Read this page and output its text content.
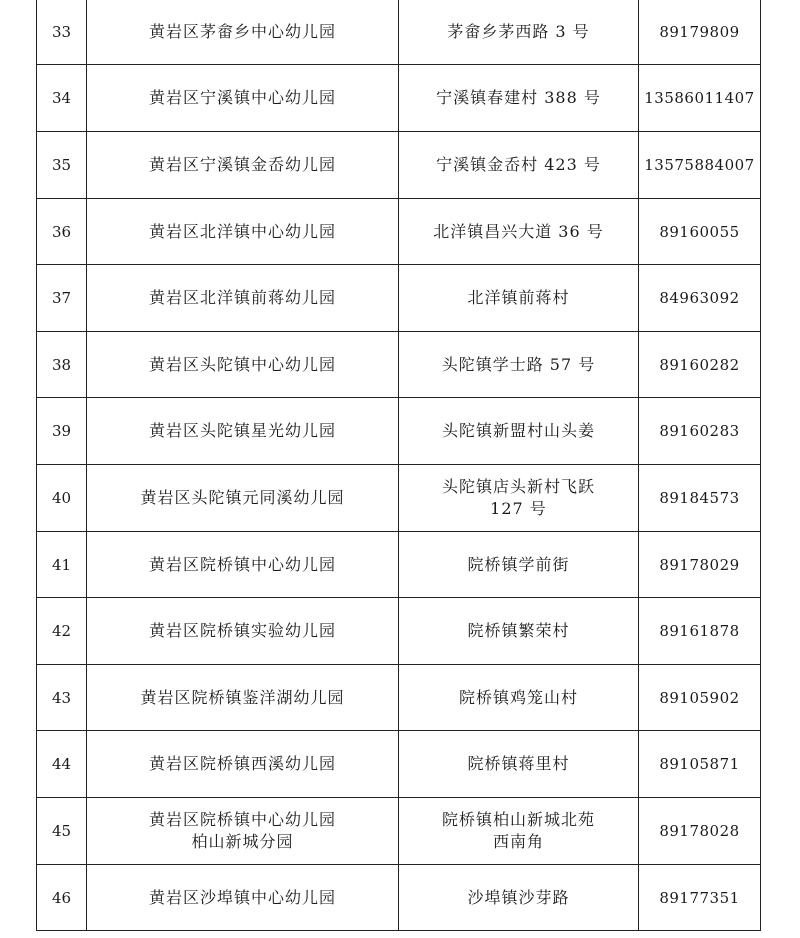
33	黄岩区茅畲乡中心幼儿园	茅畲乡茅西路 3 号	89179809
34	黄岩区宁溪镇中心幼儿园	宁溪镇春建村 388 号	13586011407
35	黄岩区宁溪镇金岙幼儿园	宁溪镇金岙村 423 号	13575884007
36	黄岩区北洋镇中心幼儿园	北洋镇昌兴大道 36 号	89160055
37	黄岩区北洋镇前蒋幼儿园	北洋镇前蒋村	84963092
38	黄岩区头陀镇中心幼儿园	头陀镇学士路 57 号	89160282
39	黄岩区头陀镇星光幼儿园	头陀镇新盟村山头姜	89160283
40	黄岩区头陀镇元同溪幼儿园	头陀镇店头新村飞跃
127 号	89184573
41	黄岩区院桥镇中心幼儿园	院桥镇学前街	89178029
42	黄岩区院桥镇实验幼儿园	院桥镇繁荣村	89161878
43	黄岩区院桥镇鉴洋湖幼儿园	院桥镇鸡笼山村	89105902
44	黄岩区院桥镇西溪幼儿园	院桥镇蒋里村	89105871
45	黄岩区院桥镇中心幼儿园
柏山新城分园	院桥镇柏山新城北苑
西南角	89178028
46	黄岩区沙埠镇中心幼儿园	沙埠镇沙芽路	89177351
